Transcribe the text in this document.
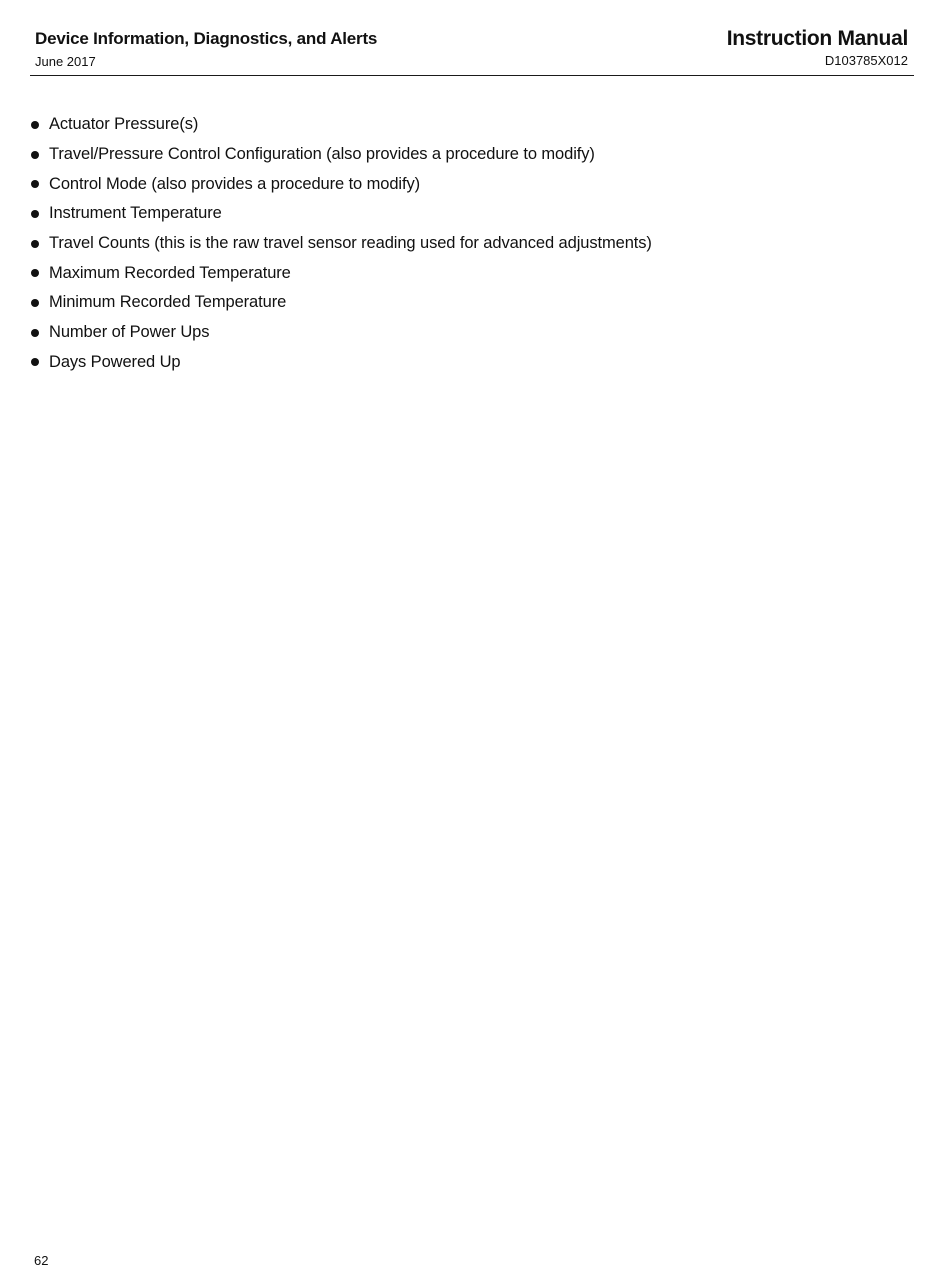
Device Information, Diagnostics, and Alerts
June 2017
Instruction Manual
D103785X012
Actuator Pressure(s)
Travel/Pressure Control Configuration (also provides a procedure to modify)
Control Mode (also provides a procedure to modify)
Instrument Temperature
Travel Counts (this is the raw travel sensor reading used for advanced adjustments)
Maximum Recorded Temperature
Minimum Recorded Temperature
Number of Power Ups
Days Powered Up
62
